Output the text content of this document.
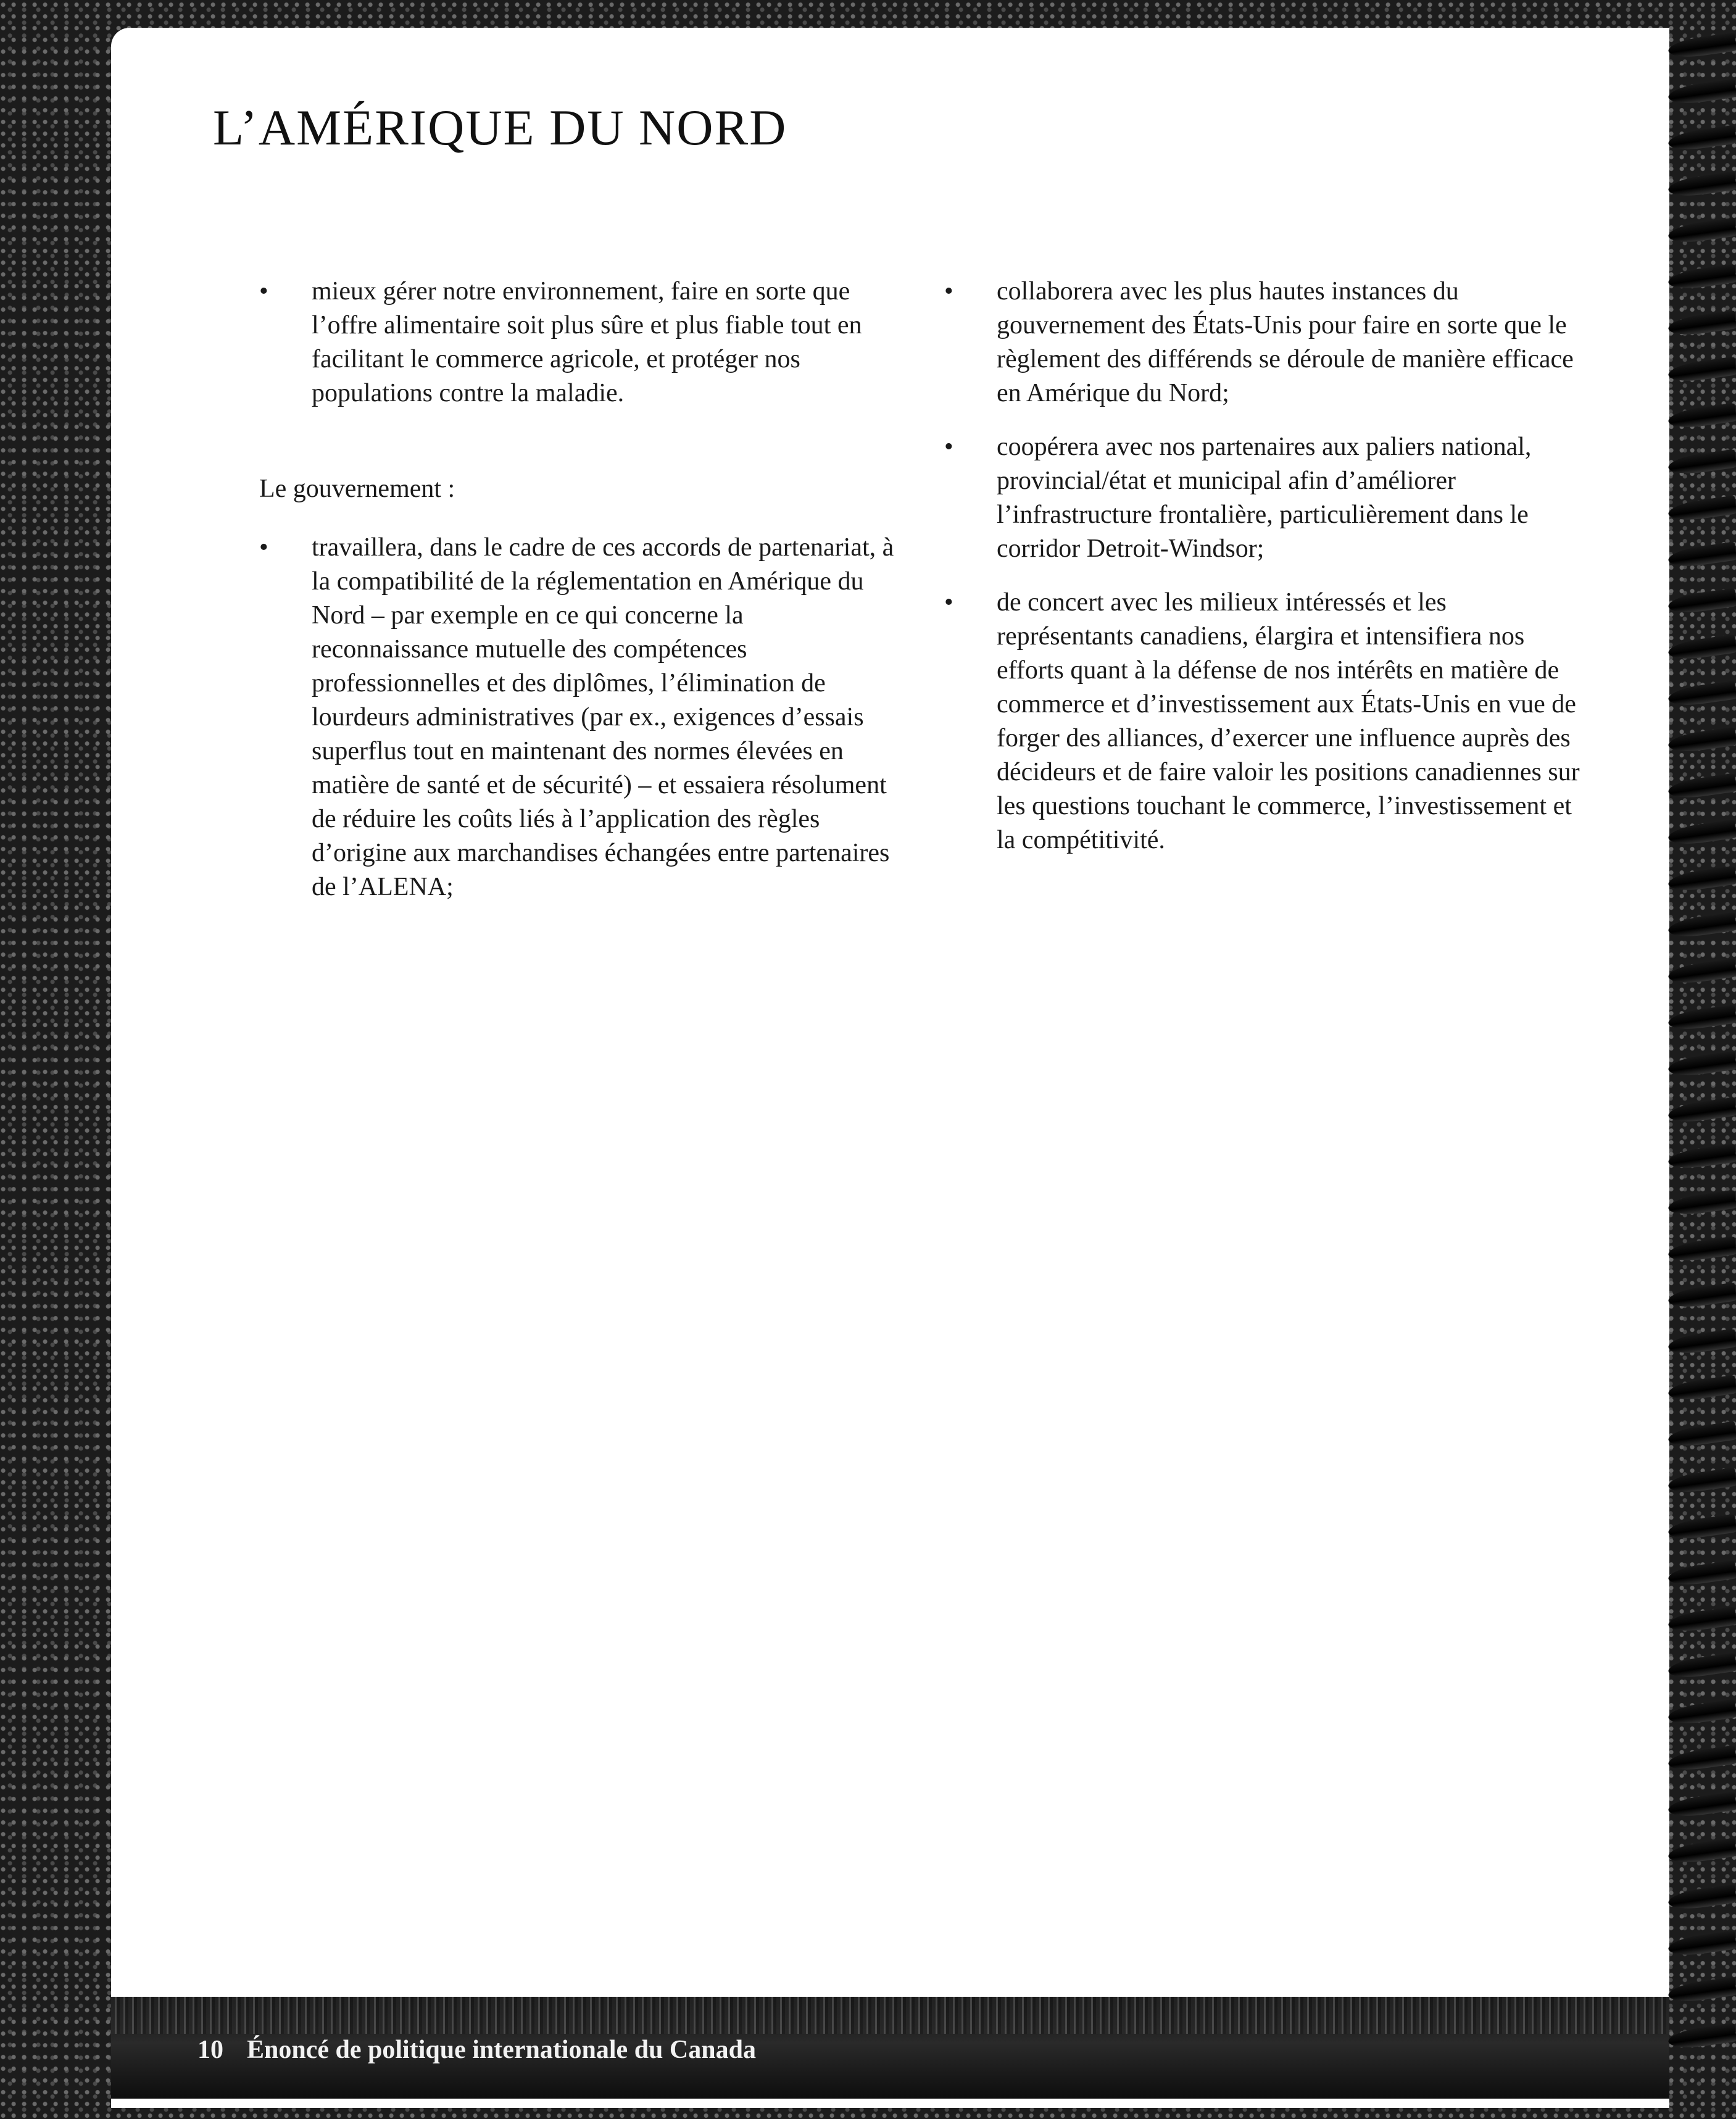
L’AMÉRIQUE DU NORD
• mieux gérer notre environnement, faire en sorte que l’offre alimentaire soit plus sûre et plus fiable tout en facilitant le commerce agricole, et protéger nos populations contre la maladie.

Le gouvernement :

• travaillera, dans le cadre de ces accords de partenariat, à la compatibilité de la réglementation en Amérique du Nord – par exemple en ce qui concerne la reconnaissance mutuelle des compétences professionnelles et des diplômes, l’élimination de lourdeurs administratives (par ex., exigences d’essais superflus tout en maintenant des normes élevées en matière de santé et de sécurité) – et essaiera résolument de réduire les coûts liés à l’application des règles d’origine aux marchandises échangées entre partenaires de l’ALENA;
• collaborera avec les plus hautes instances du gouvernement des États-Unis pour faire en sorte que le règlement des différends se déroule de manière efficace en Amérique du Nord;
• coopérera avec nos partenaires aux paliers national, provincial/état et municipal afin d’améliorer l’infrastructure frontalière, particulièrement dans le corridor Detroit-Windsor;
• de concert avec les milieux intéressés et les représentants canadiens, élargira et intensifiera nos efforts quant à la défense de nos intérêts en matière de commerce et d’investissement aux États-Unis en vue de forger des alliances, d’exercer une influence auprès des décideurs et de faire valoir les positions canadiennes sur les questions touchant le commerce, l’investissement et la compétitivité.
10 Énoncé de politique internationale du Canada
